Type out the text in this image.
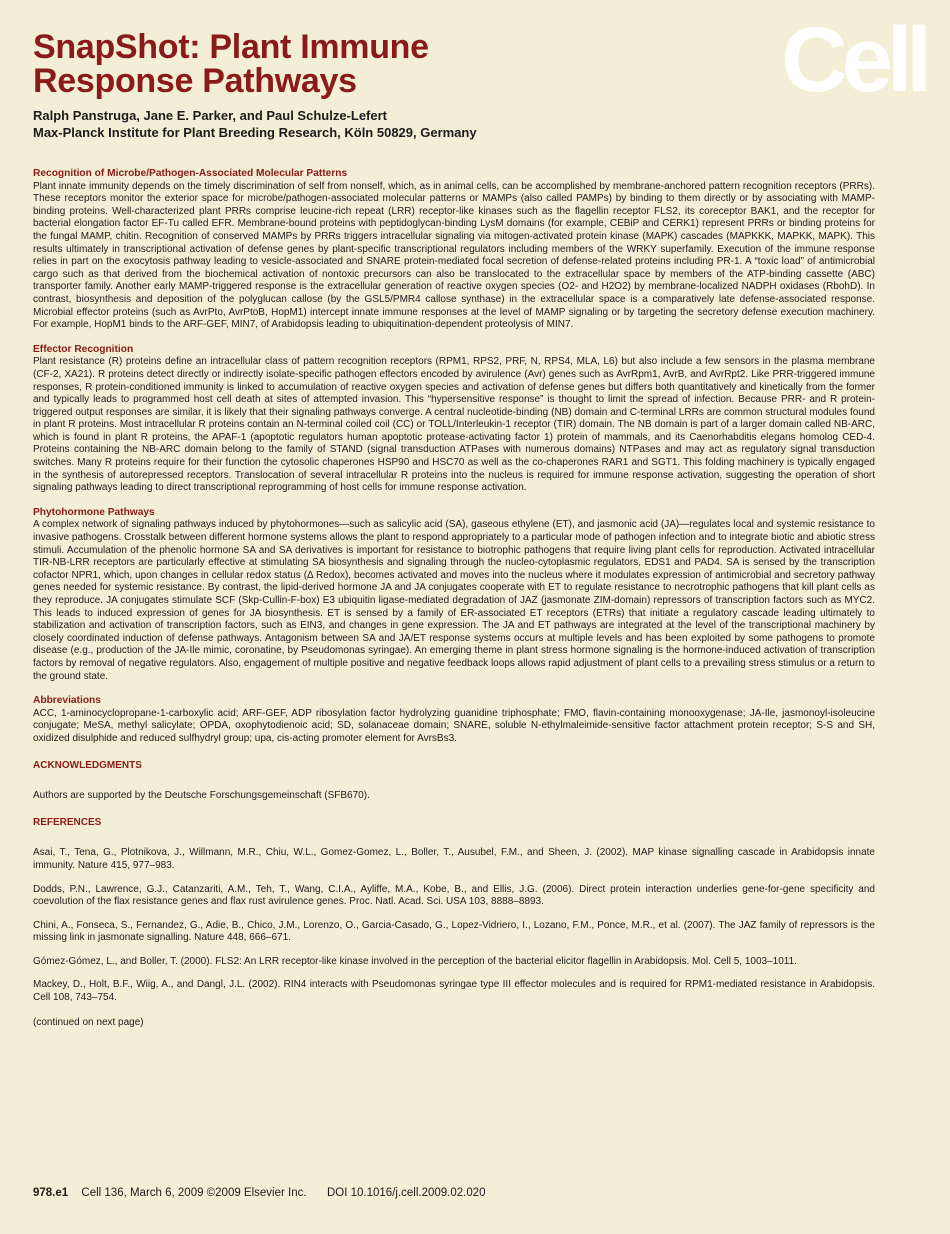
SnapShot: Plant Immune
Response Pathways	Cell
Ralph Panstruga, Jane E. Parker, and Paul Schulze-Lefert
Max-Planck Institute for Plant Breeding Research, Köln 50829, Germany
Recognition of Microbe/Pathogen-Associated Molecular Patterns

Plant innate immunity depends on the timely discrimination of self from nonself, which, as in animal cells, can be accomplished by membrane-anchored pattern recognition receptors (PRRs). These receptors monitor the exterior space for microbe/pathogen-associated molecular patterns or MAMPs (also called PAMPs) by binding to them directly or by associating with MAMP-binding proteins. Well-characterized plant PRRs comprise leucine-rich repeat (LRR) receptor-like kinases such as the flagellin receptor FLS2, its coreceptor BAK1, and the receptor for bacterial elongation factor EF-Tu called EFR. Membrane-bound proteins with peptidoglycan-binding LysM domains (for example, CEBiP and CERK1) represent PRRs or binding proteins for the fungal MAMP, chitin. Recognition of conserved MAMPs by PRRs triggers intracellular signaling via mitogen-activated protein kinase (MAPK) cascades (MAPKKK, MAPKK, MAPK). This results ultimately in transcriptional activation of defense genes by plant-specific transcriptional regulators including members of the WRKY superfamily. Execution of the immune response relies in part on the exocytosis pathway leading to vesicle-associated and SNARE protein-mediated focal secretion of defense-related proteins including PR-1. A “toxic load” of antimicrobial cargo such as that derived from the biochemical activation of nontoxic precursors can also be translocated to the extracellular space by members of the ATP-binding cassette (ABC) transporter family. Another early MAMP-triggered response is the extracellular generation of reactive oxygen species (O2- and H2O2) by membrane-localized NADPH oxidases (RbohD). In contrast, biosynthesis and deposition of the polyglucan callose (by the GSL5/PMR4 callose synthase) in the extracellular space is a comparatively late defense-associated response. Microbial effector proteins (such as AvrPto, AvrPtoB, HopM1) intercept innate immune responses at the level of MAMP signaling or by targeting the secretory defense execution machinery. For example, HopM1 binds to the ARF-GEF, MIN7, of Arabidopsis leading to ubiquitination-dependent proteolysis of MIN7.

Effector Recognition

Plant resistance (R) proteins define an intracellular class of pattern recognition receptors (RPM1, RPS2, PRF, N, RPS4, MLA, L6) but also include a few sensors in the plasma membrane (CF-2, XA21). R proteins detect directly or indirectly isolate-specific pathogen effectors encoded by avirulence (Avr) genes such as AvrRpm1, AvrB, and AvrRpt2. Like PRR-triggered immune responses, R protein-conditioned immunity is linked to accumulation of reactive oxygen species and activation of defense genes but differs both quantitatively and kinetically from the former and typically leads to programmed host cell death at sites of attempted invasion. This “hypersensitive response” is thought to limit the spread of infection. Because PRR- and R protein-triggered output responses are similar, it is likely that their signaling pathways converge. A central nucleotide-binding (NB) domain and C-terminal LRRs are common structural modules found in plant R proteins. Most intracellular R proteins contain an N-terminal coiled coil (CC) or TOLL/Interleukin-1 receptor (TIR) domain. The NB domain is part of a larger domain called NB-ARC, which is found in plant R proteins, the APAF-1 (apoptotic regulators human apoptotic protease-activating factor 1) protein of mammals, and its Caenorhabditis elegans homolog CED-4. Proteins containing the NB-ARC domain belong to the family of STAND (signal transduction ATPases with numerous domains) NTPases and may act as regulatory signal transduction switches. Many R proteins require for their function the cytosolic chaperones HSP90 and HSC70 as well as the co-chaperones RAR1 and SGT1. This folding machinery is typically engaged in the synthesis of autorepressed receptors. Translocation of several intracellular R proteins into the nucleus is required for immune response activation, suggesting the operation of short signaling pathways leading to direct transcriptional reprogramming of host cells for immune response activation.

Phytohormone Pathways

A complex network of signaling pathways induced by phytohormones—such as salicylic acid (SA), gaseous ethylene (ET), and jasmonic acid (JA)—regulates local and systemic resistance to invasive pathogens. Crosstalk between different hormone systems allows the plant to respond appropriately to a particular mode of pathogen infection and to integrate biotic and abiotic stress stimuli. Accumulation of the phenolic hormone SA and SA derivatives is important for resistance to biotrophic pathogens that require living plant cells for reproduction. Activated intracellular TIR-NB-LRR receptors are particularly effective at stimulating SA biosynthesis and signaling through the nucleo-cytoplasmic regulators, EDS1 and PAD4. SA is sensed by the transcription cofactor NPR1, which, upon changes in cellular redox status (Δ Redox), becomes activated and moves into the nucleus where it modulates expression of antimicrobial and secretory pathway genes needed for systemic resistance. By contrast, the lipid-derived hormone JA and JA conjugates cooperate with ET to regulate resistance to necrotrophic pathogens that kill plant cells as they reproduce. JA conjugates stimulate SCF (Skp-Cullin-F-box) E3 ubiquitin ligase-mediated degradation of JAZ (jasmonate ZIM-domain) repressors of transcription factors such as MYC2. This leads to induced expression of genes for JA biosynthesis. ET is sensed by a family of ER-associated ET receptors (ETRs) that initiate a regulatory cascade leading ultimately to stabilization and activation of transcription factors, such as EIN3, and changes in gene expression. The JA and ET pathways are integrated at the level of the transcriptional machinery by closely coordinated induction of defense pathways. Antagonism between SA and JA/ET response systems occurs at multiple levels and has been exploited by some pathogens to promote disease (e.g., production of the JA-Ile mimic, coronatine, by Pseudomonas syringae). An emerging theme in plant stress hormone signaling is the hormone-induced activation of transcription factors by removal of negative regulators. Also, engagement of multiple positive and negative feedback loops allows rapid adjustment of plant cells to a prevailing stress stimulus or a return to the ground state.

Abbreviations

ACC, 1-aminocyclopropane-1-carboxylic acid; ARF-GEF, ADP ribosylation factor hydrolyzing guanidine triphosphate; FMO, flavin-containing monooxygenase; JA-Ile, jasmonoyl-isoleucine conjugate; MeSA, methyl salicylate; OPDA, oxophytodienoic acid; SD, solanaceae domain; SNARE, soluble N-ethylmaleimide-sensitive factor attachment protein receptor; S-S and SH, oxidized disulphide and reduced sulfhydryl group; upa, cis-acting promoter element for AvrsBs3.

ACKNOWLEDGMENTS

Authors are supported by the Deutsche Forschungsgemeinschaft (SFB670).

REFERENCES

Asai, T., Tena, G., Plotnikova, J., Willmann, M.R., Chiu, W.L., Gomez-Gomez, L., Boller, T., Ausubel, F.M., and Sheen, J. (2002). MAP kinase signalling cascade in Arabidopsis innate immunity. Nature 415, 977–983.

Dodds, P.N., Lawrence, G.J., Catanzariti, A.M., Teh, T., Wang, C.I.A., Ayliffe, M.A., Kobe, B., and Ellis, J.G. (2006). Direct protein interaction underlies gene-for-gene specificity and coevolution of the flax resistance genes and flax rust avirulence genes. Proc. Natl. Acad. Sci. USA 103, 8888–8893.

Chini, A., Fonseca, S., Fernandez, G., Adie, B., Chico, J.M., Lorenzo, O., Garcia-Casado, G., Lopez-Vidriero, I., Lozano, F.M., Ponce, M.R., et al. (2007). The JAZ family of repressors is the missing link in jasmonate signalling. Nature 448, 666–671.

Gómez-Gómez, L., and Boller, T. (2000). FLS2: An LRR receptor-like kinase involved in the perception of the bacterial elicitor flagellin in Arabidopsis. Mol. Cell 5, 1003–1011.

Mackey, D., Holt, B.F., Wiig, A., and Dangl, J.L. (2002). RIN4 interacts with Pseudomonas syringae type III effector molecules and is required for RPM1-mediated resistance in Arabidopsis. Cell 108, 743–754.

(continued on next page)

978.e1 Cell 136, March 6, 2009 ©2009 Elsevier Inc. DOI 10.1016/j.cell.2009.02.020
